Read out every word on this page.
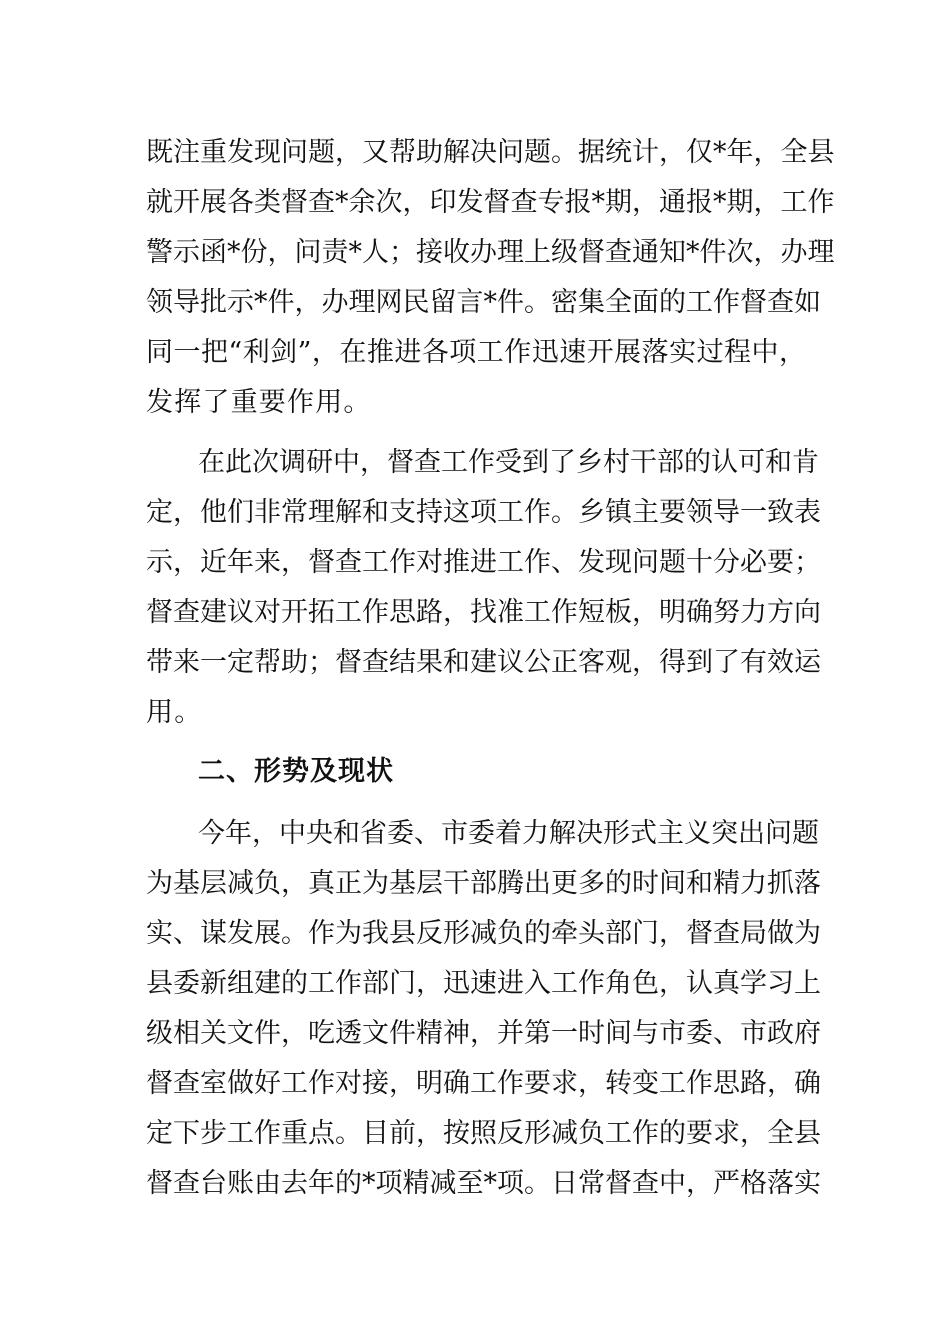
既注重发现问题，又帮助解决问题。据统计，仅*年，全县
就开展各类督查*余次，印发督查专报*期，通报*期，工作
警示函*份，问责*人；接收办理上级督查通知*件次，办理
领导批示*件，办理网民留言*件。密集全面的工作督查如
同一把“利剑”，在推进各项工作迅速开展落实过程中，
发挥了重要作用。
在此次调研中，督查工作受到了乡村干部的认可和肯
定，他们非常理解和支持这项工作。乡镇主要领导一致表
示，近年来，督查工作对推进工作、发现问题十分必要；
督查建议对开拓工作思路，找准工作短板，明确努力方向
带来一定帮助；督查结果和建议公正客观，得到了有效运
用。
二、形势及现状
今年，中央和省委、市委着力解决形式主义突出问题
为基层减负，真正为基层干部腾出更多的时间和精力抓落
实、谋发展。作为我县反形减负的牵头部门，督查局做为
县委新组建的工作部门，迅速进入工作角色，认真学习上
级相关文件，吃透文件精神，并第一时间与市委、市政府
督查室做好工作对接，明确工作要求，转变工作思路，确
定下步工作重点。目前，按照反形减负工作的要求，全县
督查台账由去年的*项精减至*项。日常督查中，严格落实
